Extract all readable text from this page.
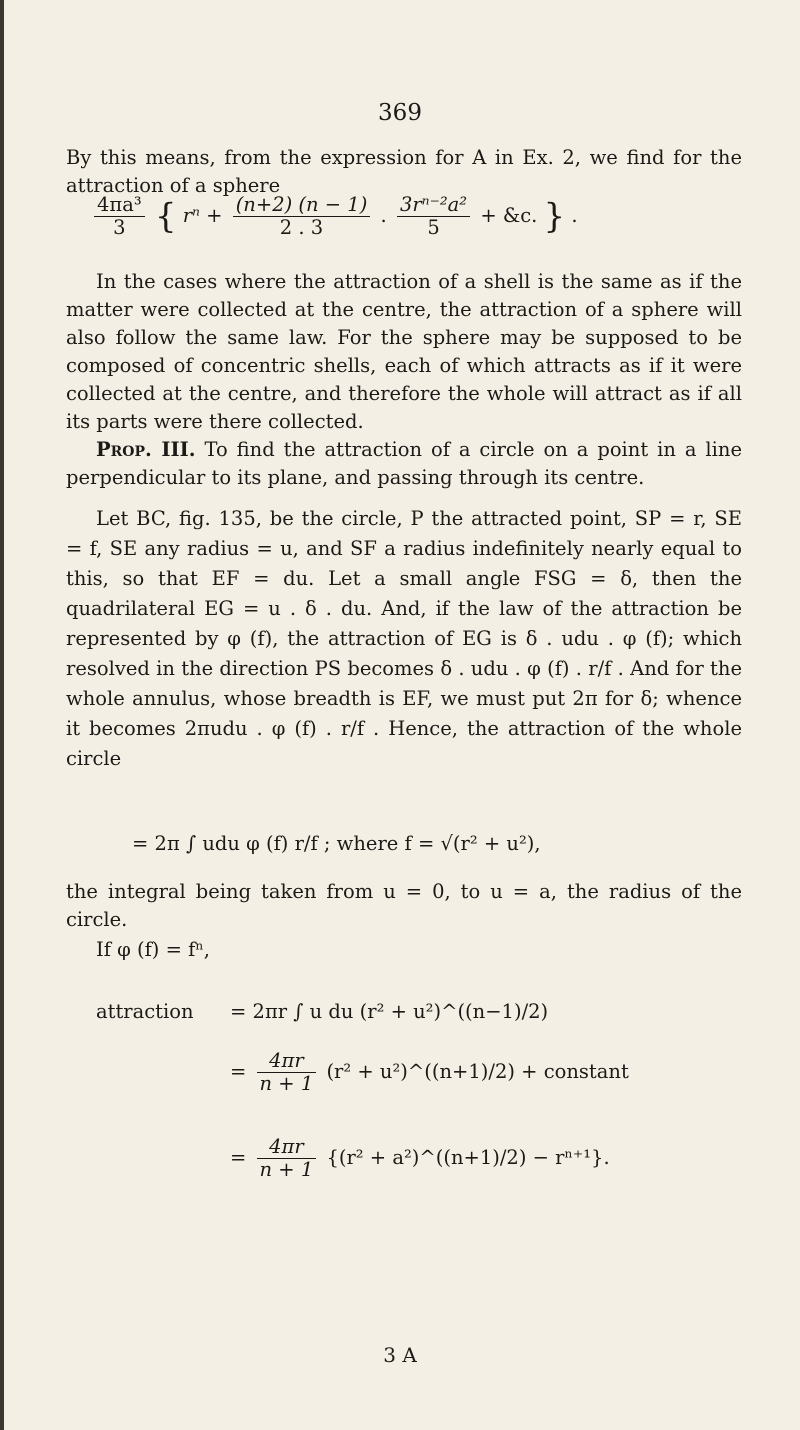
369
By this means, from the expression for A in Ex. 2, we find for the attraction of a sphere
$\frac{\text{4πa³}}{3}$ { $r^n + \frac{(n+2) (n - 1)}{2 . 3}$ . $\frac{\text{3rⁿ⁻²a²}}{5}$ + &c. } .
In the cases where the attraction of a shell is the same as if the matter were collected at the centre, the attraction of a sphere will also follow the same law. For the sphere may be supposed to be composed of concentric shells, each of which attracts as if it were collected at the centre, and therefore the whole will attract as if all its parts were there collected.
Prop. III. To find the attraction of a circle on a point in a line perpendicular to its plane, and passing through its centre.
Let BC, fig. 135, be the circle, P the attracted point, SP = r, SE = f, SE any radius = u, and SF a radius indefinitely nearly equal to this, so that EF = du. Let a small angle FSG = δ, then the quadrilateral EG = u . δ . du. And, if the law of the attraction be represented by φ (f), the attraction of EG is δ . udu . φ (f); which resolved in the direction PS becomes δ . udu . φ (f) . r/f . And for the whole annulus, whose breadth is EF, we must put 2π for δ; whence it becomes 2πudu . φ (f) . r/f . Hence, the attraction of the whole circle
= 2π ∫ udu φ (f) r/f ; where f = √(r² + u²),
the integral being taken from u = 0, to u = a, the radius of the circle.
If φ (f) = fⁿ,
attraction = 2πr ∫ u du (r² + u²)^((n−1)/2)
= $\frac{4\pi r}{n + 1} (r^2$ + u²)^((n+1)/2) + constant
= $\frac{4\pi r}{n + 1} \{(r^2$ + a²)^((n+1)/2) − rⁿ⁺¹}.
3 A
